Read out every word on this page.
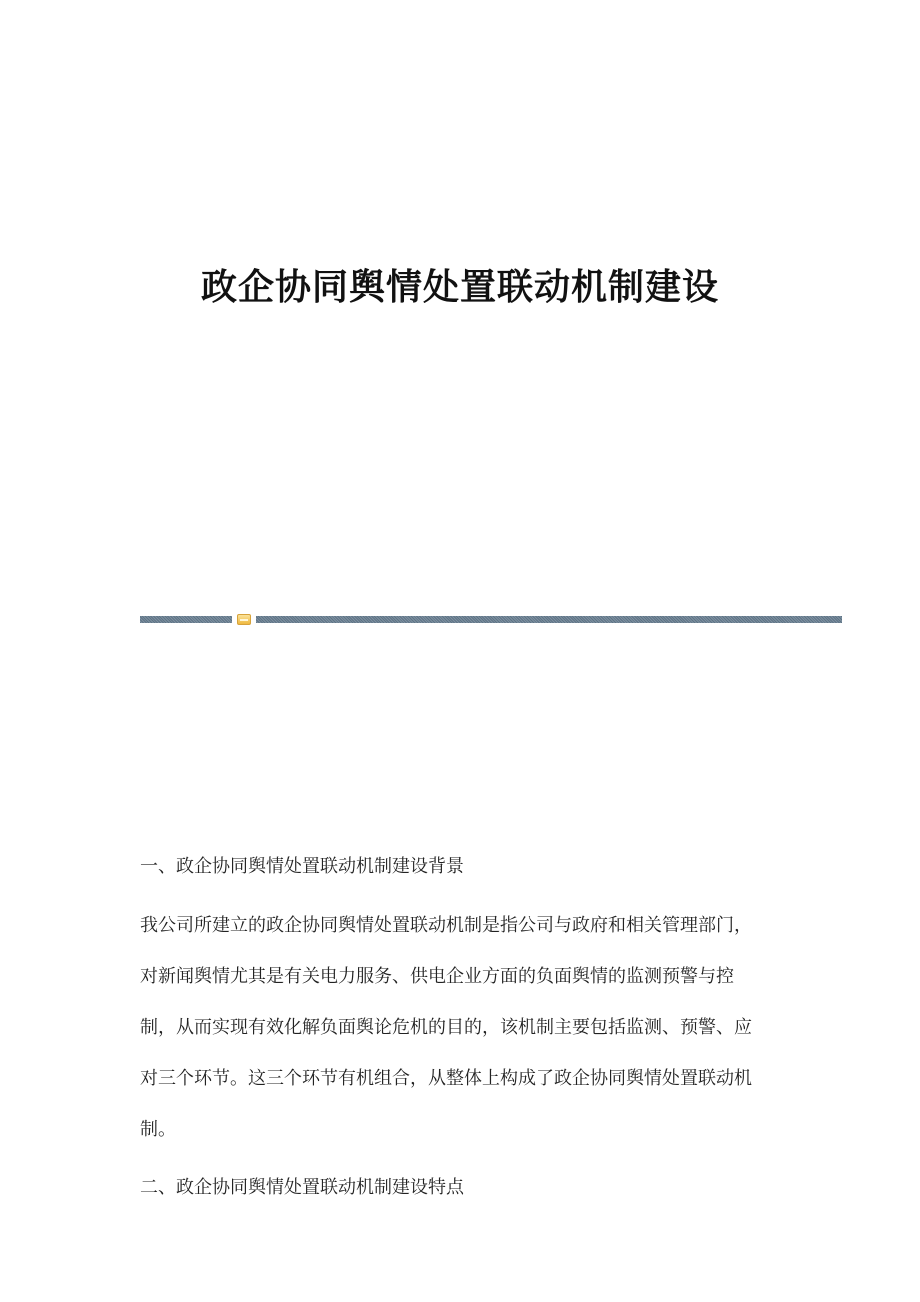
政企协同舆情处置联动机制建设
一、政企协同舆情处置联动机制建设背景

我公司所建立的政企协同舆情处置联动机制是指公司与政府和相关管理部门，
对新闻舆情尤其是有关电力服务、供电企业方面的负面舆情的监测预警与控
制，从而实现有效化解负面舆论危机的目的，该机制主要包括监测、预警、应
对三个环节。这三个环节有机组合，从整体上构成了政企协同舆情处置联动机
制。

二、政企协同舆情处置联动机制建设特点
